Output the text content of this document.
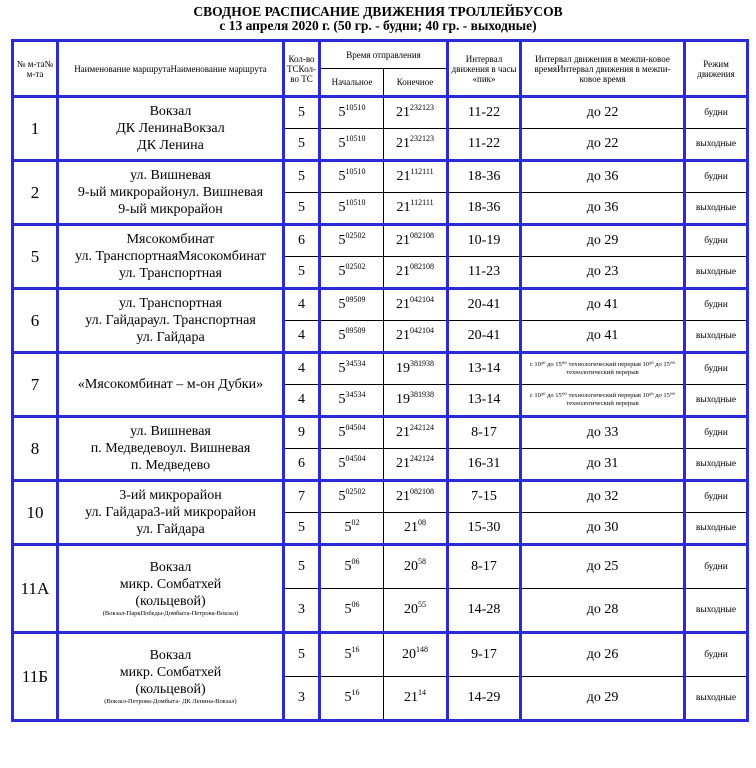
СВОДНОЕ РАСПИСАНИЕ ДВИЖЕНИЯ ТРОЛЛЕЙБУСОВ
с 13 апреля 2020 г. (50 гр. - будни; 40 гр. - выходные)
№ м-та№ м-та	Наименование маршрутаНаименование маршрута	Кол-во ТСКол-во ТС	Время отправления		Интервал движения в часы «пик»	Интервал движения в межпи-ковое времяИнтервал движения в межпи-ковое время	Режим движения
			Начальное	Конечное			
1	Вокзал
ДК ЛенинаВокзал
ДК Ленина	5	$5^{10510}$	$21^{232123}$	11-22	до 22	будни
		5	$5^{10510}$	$21^{232123}$	11-22	до 22	выходные
2	ул. Вишневая
9-ый микрорайонул. Вишневая
9-ый микрорайон	5	$5^{10510}$	$21^{112111}$	18-36	до 36	будни
		5	$5^{10510}$	$21^{112111}$	18-36	до 36	выходные
5	Мясокомбинат
ул. ТранспортнаяМясокомбинат
ул. Транспортная	6	$5^{02502}$	$21^{082108}$	10-19	до 29	будни
		5	$5^{02502}$	$21^{082108}$	11-23	до 23	выходные
6	ул. Транспортная
ул. Гайдараул. Транспортная
ул. Гайдара	4	$5^{09509}$	$21^{042104}$	20-41	до 41	будни
		4	$5^{09509}$	$21^{042104}$	20-41	до 41	выходные
7	«Мясокомбинат – м-он Дубки»	4	$5^{34534}$	$19^{381938}$	13-14	с 10³⁰ до 15⁰⁰ технологический перерыв 10³⁰ до 15⁰⁰ технологический перерыв	будни
		4	$5^{34534}$	$19^{381938}$	13-14	с 10³⁰ до 15⁰⁰ технологический перерыв 10³⁰ до 15⁰⁰ технологический перерыв	выходные
8	ул. Вишневая
п. Медведевоул. Вишневая
п. Медведево	9	$5^{04504}$	$21^{242124}$	8-17	до 33	будни
		6	$5^{04504}$	$21^{242124}$	16-31	до 31	выходные
10	3-ий микрорайон
ул. Гайдара3-ий микрорайон
ул. Гайдара	7	$5^{02502}$	$21^{082108}$	7-15	до 32	будни
		5	$5^{02}$	$21^{08}$	15-30	до 30	выходные
11А	Вокзал
микр. Сомбатхей
(кольцевой)
(Вокзал-ПаркПобеды-Домбыта-Петрова-Вокзал)	5	$5^{06}$	$20^{58}$	8-17	до 25	будни
		3	$5^{06}$	$20^{55}$	14-28	до 28	выходные
11Б	Вокзал
микр. Сомбатхей
(кольцевой)
(Вокзал-Петрова-Домбыта- ДК Ленина-Вокзал)	5	$5^{16}$	$20^{148}$	9-17	до 26	будни
		3	$5^{16}$	$21^{14}$	14-29	до 29	выходные
